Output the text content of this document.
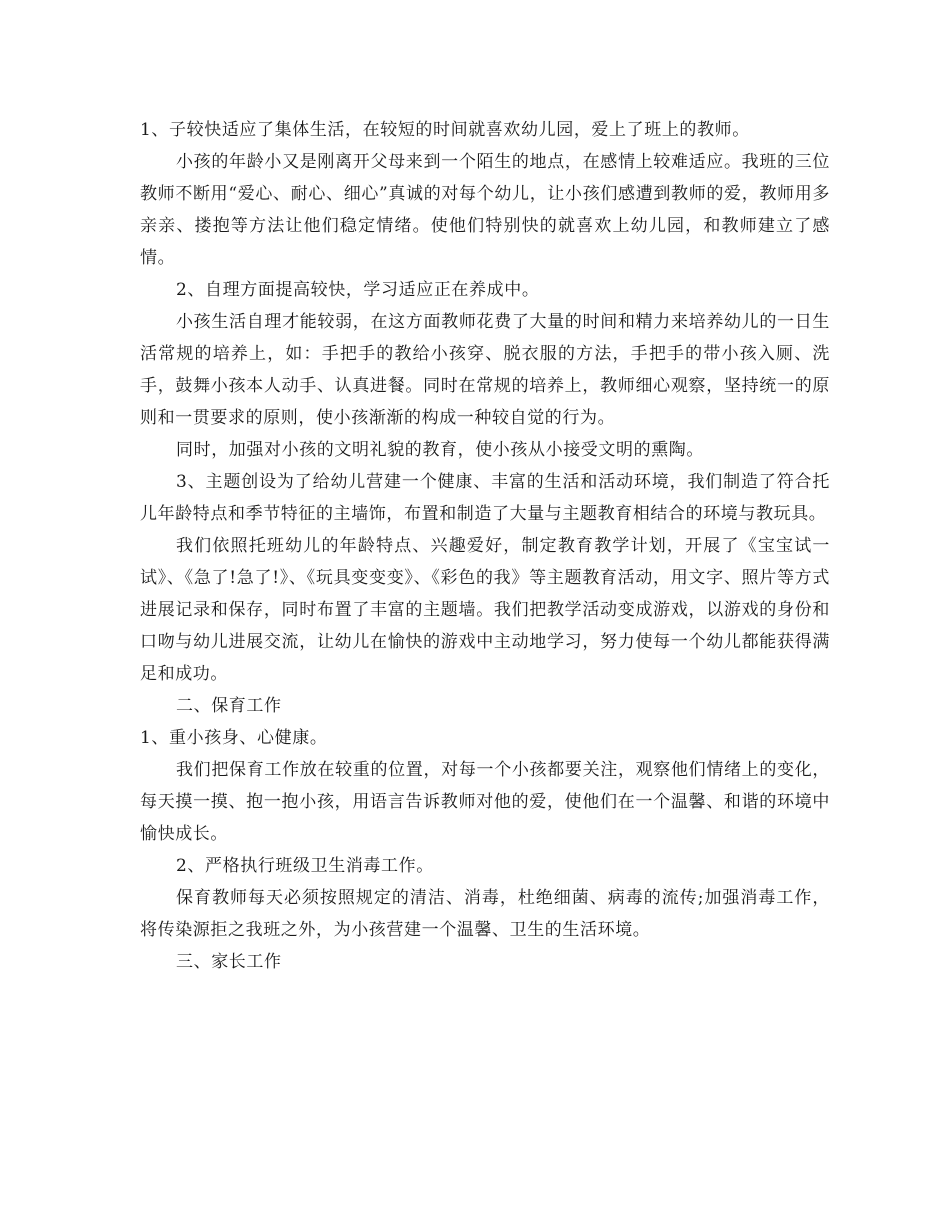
1、子较快适应了集体生活，在较短的时间就喜欢幼儿园，爱上了班上的教师。

小孩的年龄小又是刚离开父母来到一个陌生的地点，在感情上较难适应。我班的三位教师不断用“爱心、耐心、细心”真诚的对每个幼儿，让小孩们感遭到教师的爱，教师用多亲亲、搂抱等方法让他们稳定情绪。使他们特别快的就喜欢上幼儿园，和教师建立了感情。

2、自理方面提高较快，学习适应正在养成中。

小孩生活自理才能较弱，在这方面教师花费了大量的时间和精力来培养幼儿的一日生活常规的培养上，如：手把手的教给小孩穿、脱衣服的方法，手把手的带小孩入厕、洗手，鼓舞小孩本人动手、认真进餐。同时在常规的培养上，教师细心观察，坚持统一的原则和一贯要求的原则，使小孩渐渐的构成一种较自觉的行为。

同时，加强对小孩的文明礼貌的教育，使小孩从小接受文明的熏陶。

3、主题创设为了给幼儿营建一个健康、丰富的生活和活动环境，我们制造了符合托儿年龄特点和季节特征的主墙饰，布置和制造了大量与主题教育相结合的环境与教玩具。

我们依照托班幼儿的年龄特点、兴趣爱好，制定教育教学计划，开展了《宝宝试一试》、《急了!急了!》、《玩具变变变》、《彩色的我》等主题教育活动，用文字、照片等方式进展记录和保存，同时布置了丰富的主题墙。我们把教学活动变成游戏，以游戏的身份和口吻与幼儿进展交流，让幼儿在愉快的游戏中主动地学习，努力使每一个幼儿都能获得满足和成功。

二、保育工作

1、重小孩身、心健康。

我们把保育工作放在较重的位置，对每一个小孩都要关注，观察他们情绪上的变化，每天摸一摸、抱一抱小孩，用语言告诉教师对他的爱，使他们在一个温馨、和谐的环境中愉快成长。

2、严格执行班级卫生消毒工作。

保育教师每天必须按照规定的清洁、消毒，杜绝细菌、病毒的流传;加强消毒工作，将传染源拒之我班之外，为小孩营建一个温馨、卫生的生活环境。

三、家长工作
